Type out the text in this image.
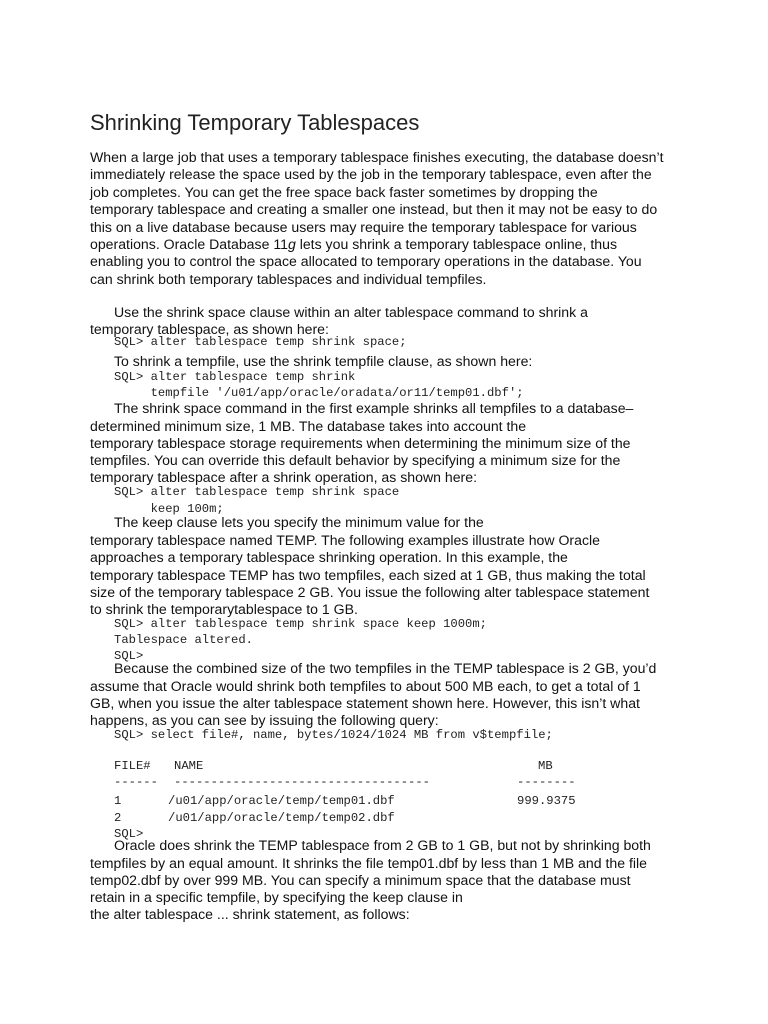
Shrinking Temporary Tablespaces
When a large job that uses a temporary tablespace finishes executing, the database doesn’t
immediately release the space used by the job in the temporary tablespace, even after the
job completes. You can get the free space back faster sometimes by dropping the
temporary tablespace and creating a smaller one instead, but then it may not be easy to do
this on a live database because users may require the temporary tablespace for various
operations. Oracle Database 11g lets you shrink a temporary tablespace online, thus
enabling you to control the space allocated to temporary operations in the database. You
can shrink both temporary tablespaces and individual tempfiles.
Use the shrink space clause within an alter tablespace command to shrink a
temporary tablespace, as shown here:
SQL> alter tablespace temp shrink space;
To shrink a tempfile, use the shrink tempfile clause, as shown here:
SQL> alter tablespace temp shrink
tempfile '/u01/app/oracle/oradata/or11/temp01.dbf';
The shrink space command in the first example shrinks all tempfiles to a database–
determined minimum size, 1 MB. The database takes into account the
temporary tablespace storage requirements when determining the minimum size of the
tempfiles. You can override this default behavior by specifying a minimum size for the
temporary tablespace after a shrink operation, as shown here:
SQL> alter tablespace temp shrink space
keep 100m;
The keep clause lets you specify the minimum value for the
temporary tablespace named TEMP. The following examples illustrate how Oracle
approaches a temporary tablespace shrinking operation. In this example, the
temporary tablespace TEMP has two tempfiles, each sized at 1 GB, thus making the total
size of the temporary tablespace 2 GB. You issue the following alter tablespace statement
to shrink the temporarytablespace to 1 GB.
SQL> alter tablespace temp shrink space keep 1000m;
Tablespace altered.
SQL>
Because the combined size of the two tempfiles in the TEMP tablespace is 2 GB, you’d
assume that Oracle would shrink both tempfiles to about 500 MB each, to get a total of 1
GB, when you issue the alter tablespace statement shown here. However, this isn’t what
happens, as you can see by issuing the following query:
SQL> select file#, name, bytes/1024/1024 MB from v$tempfile;
FILE# NAME	MB
------ -----------------------------------	--------
1	/u01/app/oracle/temp/temp01.dbf	999.9375
2	/u01/app/oracle/temp/temp02.dbf
SQL>
Oracle does shrink the TEMP tablespace from 2 GB to 1 GB, but not by shrinking both
tempfiles by an equal amount. It shrinks the file temp01.dbf by less than 1 MB and the file
temp02.dbf by over 999 MB. You can specify a minimum space that the database must
retain in a specific tempfile, by specifying the keep clause in
the alter tablespace ... shrink statement, as follows:
